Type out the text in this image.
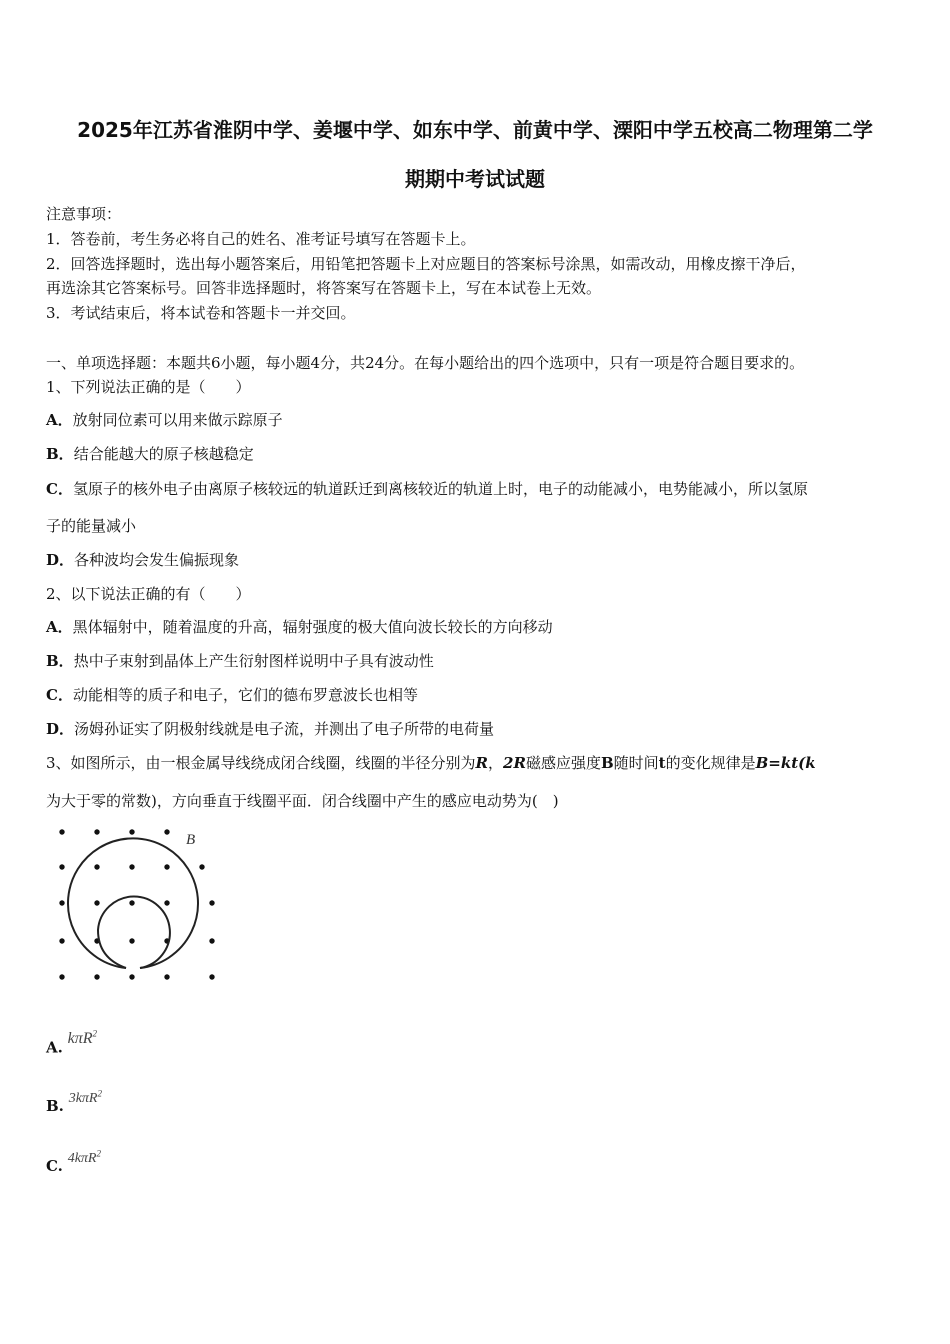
2025年江苏省淮阴中学、姜堰中学、如东中学、前黄中学、溧阳中学五校高二物理第二学
期期中考试试题
注意事项：
1．答卷前，考生务必将自己的姓名、准考证号填写在答题卡上。
2．回答选择题时，选出每小题答案后，用铅笔把答题卡上对应题目的答案标号涂黑，如需改动，用橡皮擦干净后，
再选涂其它答案标号。回答非选择题时，将答案写在答题卡上，写在本试卷上无效。
3．考试结束后，将本试卷和答题卡一并交回。
一、单项选择题：本题共6小题，每小题4分，共24分。在每小题给出的四个选项中，只有一项是符合题目要求的。
1、下列说法正确的是（　　）
A．放射同位素可以用来做示踪原子
B．结合能越大的原子核越稳定
C．氢原子的核外电子由离原子核较远的轨道跃迁到离核较近的轨道上时，电子的动能减小，电势能减小，所以氢原
子的能量减小
D．各种波均会发生偏振现象
2、以下说法正确的有（　　）
A．黑体辐射中，随着温度的升高，辐射强度的极大值向波长较长的方向移动
B．热中子束射到晶体上产生衍射图样说明中子具有波动性
C．动能相等的质子和电子，它们的德布罗意波长也相等
D．汤姆孙证实了阴极射线就是电子流，并测出了电子所带的电荷量
3、如图所示，由一根金属导线绕成闭合线圈，线圈的半径分别为R，2R磁感应强度B随时间t的变化规律是B=kt(k
为大于零的常数)，方向垂直于线圈平面．闭合线圈中产生的感应电动势为(　)
B
A. kπR$^2$
B. 3kπR$^2$
C. 4kπR$^2$
